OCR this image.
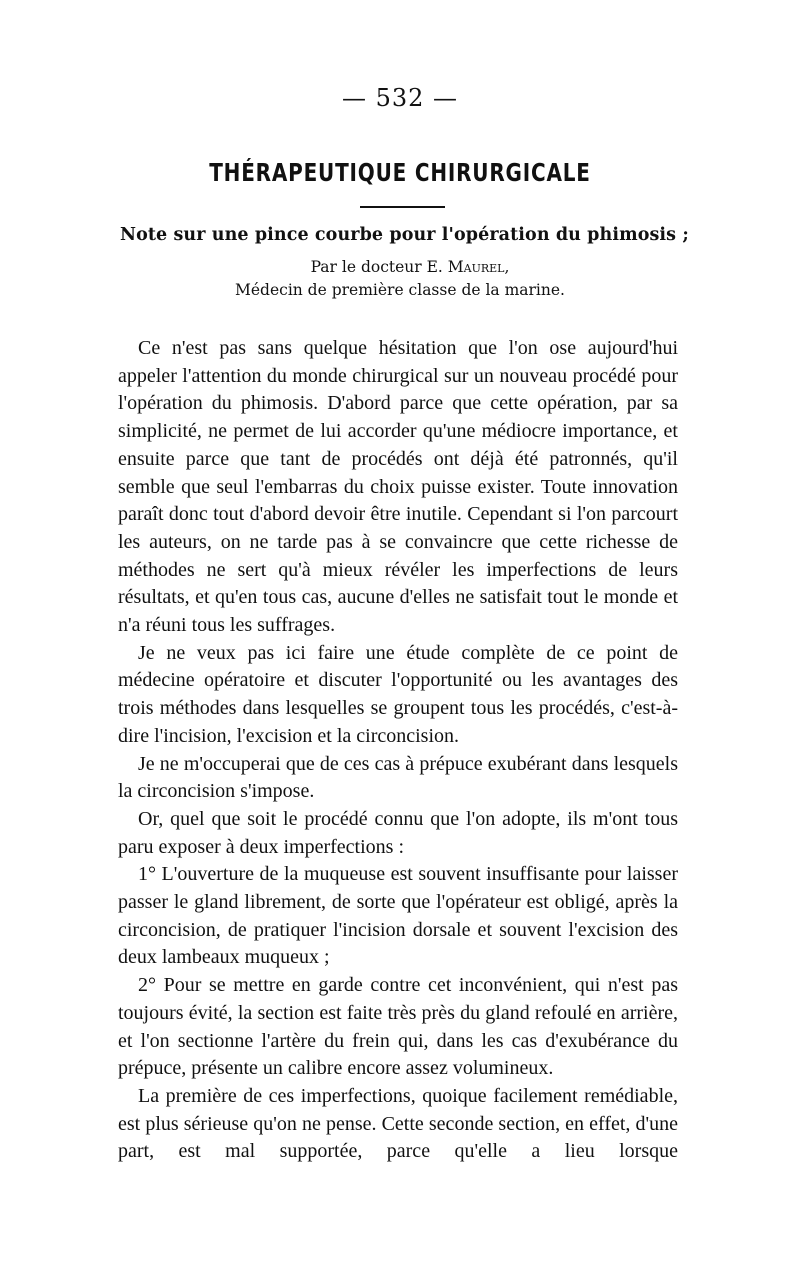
— 532 —
THÉRAPEUTIQUE CHIRURGICALE
Note sur une pince courbe pour l'opération du phimosis ;
Par le docteur E. Maurel,
Médecin de première classe de la marine.

Ce n'est pas sans quelque hésitation que l'on ose aujourd'hui appeler l'attention du monde chirurgical sur un nouveau procédé pour l'opération du phimosis. D'abord parce que cette opération, par sa simplicité, ne permet de lui accorder qu'une médiocre importance, et ensuite parce que tant de procédés ont déjà été patronnés, qu'il semble que seul l'embarras du choix puisse exister. Toute innovation paraît donc tout d'abord devoir être inutile. Cependant si l'on parcourt les auteurs, on ne tarde pas à se convaincre que cette richesse de méthodes ne sert qu'à mieux révéler les imperfections de leurs résultats, et qu'en tous cas, aucune d'elles ne satisfait tout le monde et n'a réuni tous les suffrages.

Je ne veux pas ici faire une étude complète de ce point de médecine opératoire et discuter l'opportunité ou les avantages des trois méthodes dans lesquelles se groupent tous les procédés, c'est-à-dire l'incision, l'excision et la circoncision.

Je ne m'occuperai que de ces cas à prépuce exubérant dans lesquels la circoncision s'impose.

Or, quel que soit le procédé connu que l'on adopte, ils m'ont tous paru exposer à deux imperfections :

1° L'ouverture de la muqueuse est souvent insuffisante pour laisser passer le gland librement, de sorte que l'opérateur est obligé, après la circoncision, de pratiquer l'incision dorsale et souvent l'excision des deux lambeaux muqueux ;

2° Pour se mettre en garde contre cet inconvénient, qui n'est pas toujours évité, la section est faite très près du gland refoulé en arrière, et l'on sectionne l'artère du frein qui, dans les cas d'exubérance du prépuce, présente un calibre encore assez volumineux.

La première de ces imperfections, quoique facilement remédiable, est plus sérieuse qu'on ne pense. Cette seconde section, en effet, d'une part, est mal supportée, parce qu'elle a lieu lorsque
